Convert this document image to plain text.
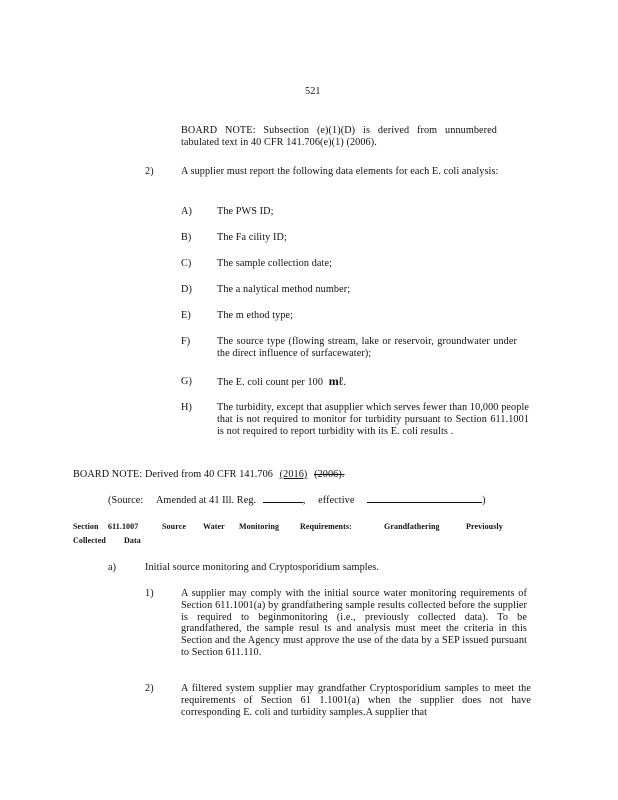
521
BOARD NOTE: Subsection (e)(1)(D) is derived from unnumbered tabulated text in 40 CFR 141.706(e)(1) (2006).
2)	A supplier must report the following data elements for each E. coli analysis:
A) The PWS ID;
B)	The Fa cility ID;
C)	The sample collection date;
D) The a nalytical method number;
E)	The m ethod type;
F)	The source type (flowing stream, lake or reservoir, groundwater under the direct influence of surfacewater);
G) The E. coli count per 100 mℓ.
H) The turbidity, except that asupplier which serves fewer than 10,000 people that is not required to monitor for turbidity pursuant to Section 611.1001 is not required to report turbidity with its E. coli results .
BOARD NOTE: Derived from 40 CFR 141.706 (2016) (2006).
(Source: Amended at 41 Ill. Reg.	, effective	)
Section 611.1007	Source Water Monitoring	Requirements:	Grandfathering	Previously
Collected Data
a)	Initial source monitoring and Cryptosporidium samples.
1)	A supplier may comply with the initial source water monitoring requirements of Section 611.1001(a) by grandfathering sample results collected before the supplier is required to beginmonitoring (i.e., previously collected data). To be grandfathered, the sample resul ts and analysis must meet the criteria in this Section and the Agency must approve the use of the data by a SEP issued pursuant to Section 611.110.
2)	A filtered system supplier may grandfather Cryptosporidium samples to meet the requirements of Section 61 1.1001(a) when the supplier does not have corresponding E. coli and turbidity samples.A supplier that
